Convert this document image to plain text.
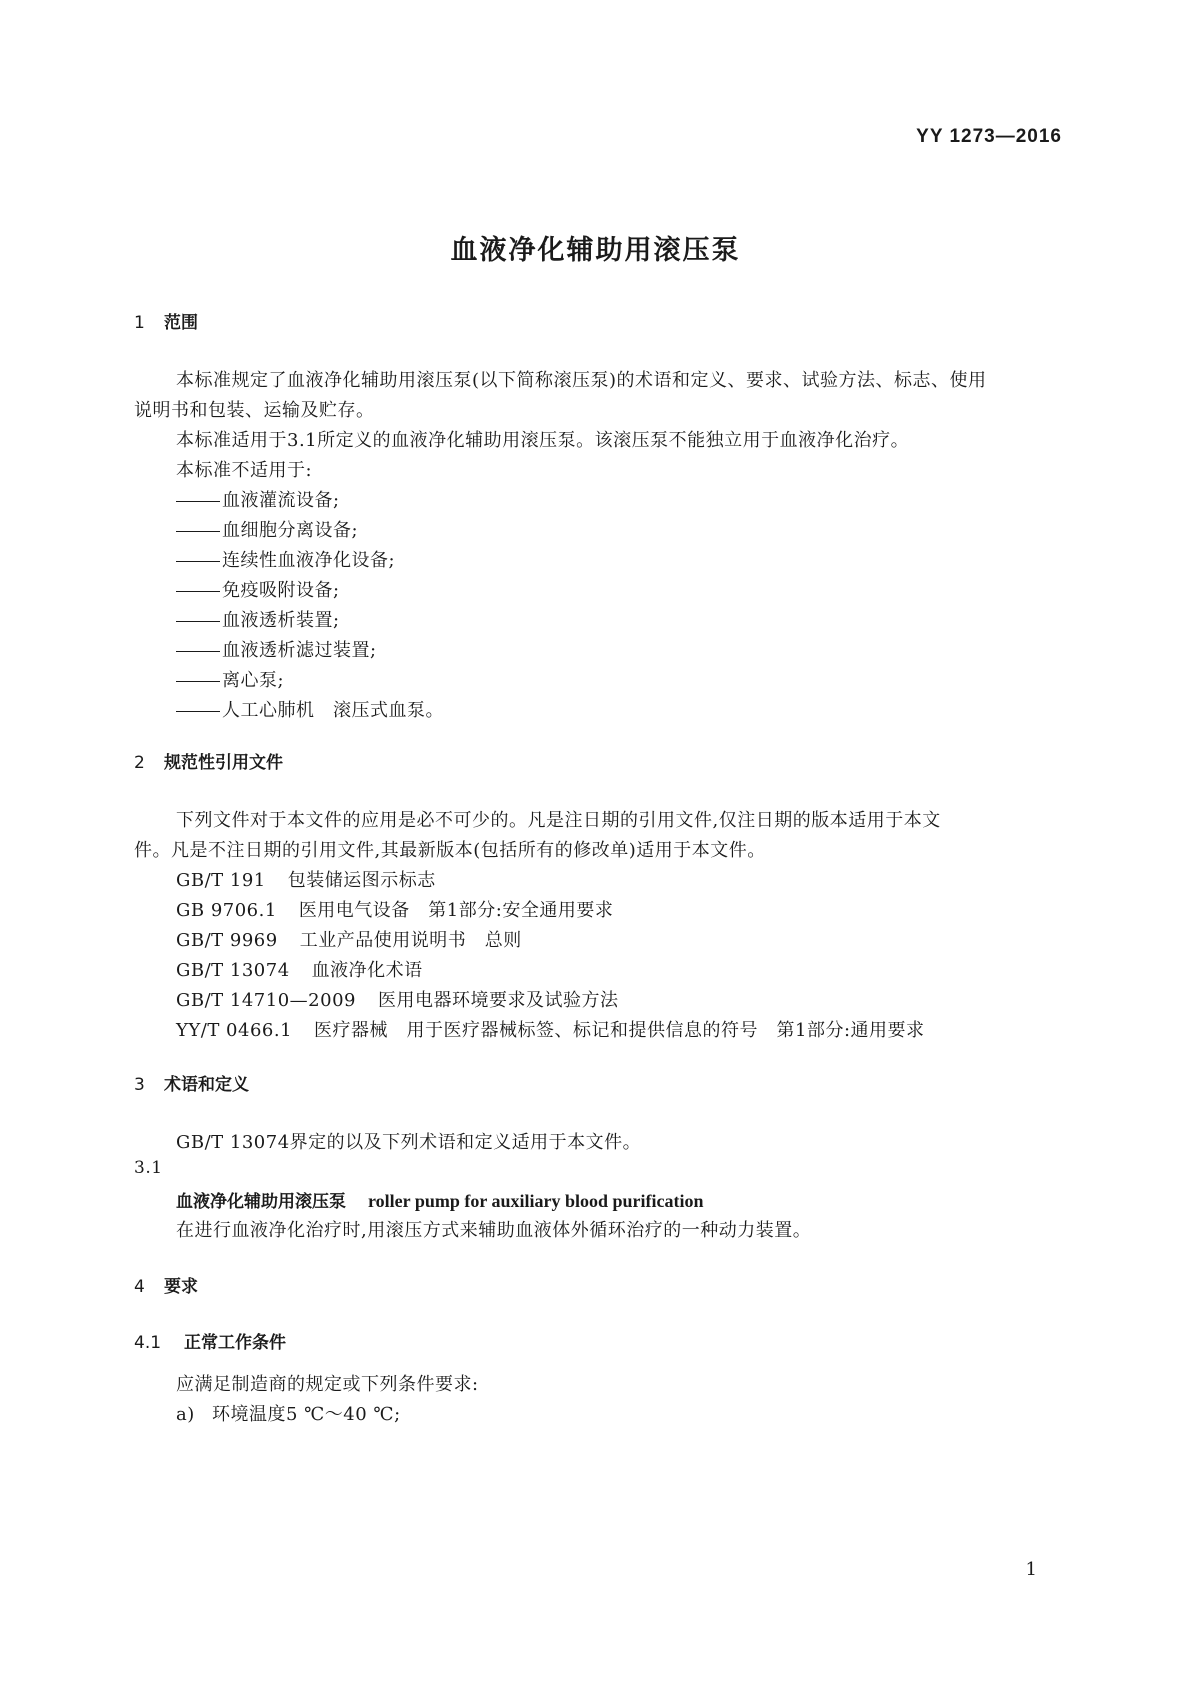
YY 1273—2016
血液净化辅助用滚压泵
1 范围
本标准规定了血液净化辅助用滚压泵(以下简称滚压泵)的术语和定义、要求、试验方法、标志、使用
说明书和包装、运输及贮存。
本标准适用于3.1所定义的血液净化辅助用滚压泵。该滚压泵不能独立用于血液净化治疗。
本标准不适用于:
血液灌流设备;
血细胞分离设备;
连续性血液净化设备;
免疫吸附设备;
血液透析装置;
血液透析滤过装置;
离心泵;
人工心肺机　滚压式血泵。
2 规范性引用文件
下列文件对于本文件的应用是必不可少的。凡是注日期的引用文件,仅注日期的版本适用于本文
件。凡是不注日期的引用文件,其最新版本(包括所有的修改单)适用于本文件。
GB/T 191 包装储运图示标志
GB 9706.1 医用电气设备　第1部分:安全通用要求
GB/T 9969 工业产品使用说明书　总则
GB/T 13074 血液净化术语
GB/T 14710—2009 医用电器环境要求及试验方法
YY/T 0466.1 医疗器械　用于医疗器械标签、标记和提供信息的符号　第1部分:通用要求
3 术语和定义
GB/T 13074界定的以及下列术语和定义适用于本文件。
3.1
血液净化辅助用滚压泵 roller pump for auxiliary blood purification
在进行血液净化治疗时,用滚压方式来辅助血液体外循环治疗的一种动力装置。
4 要求
4.1 正常工作条件
应满足制造商的规定或下列条件要求:
a) 环境温度5 ℃～40 ℃;
1
